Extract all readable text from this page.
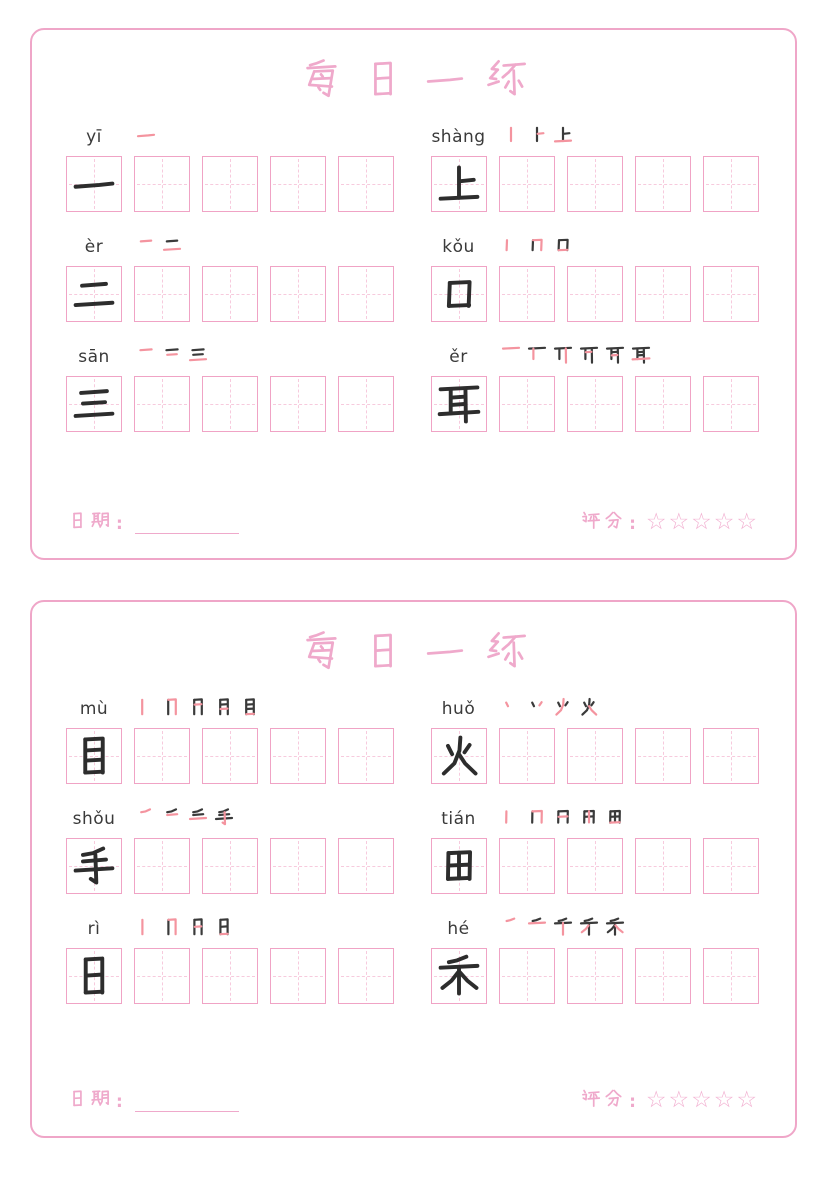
yī	shàng
èr	kǒu
sān	ěr
:	: ☆☆☆☆☆
mù	huǒ
shǒu	tián
rì	hé
:	: ☆☆☆☆☆
